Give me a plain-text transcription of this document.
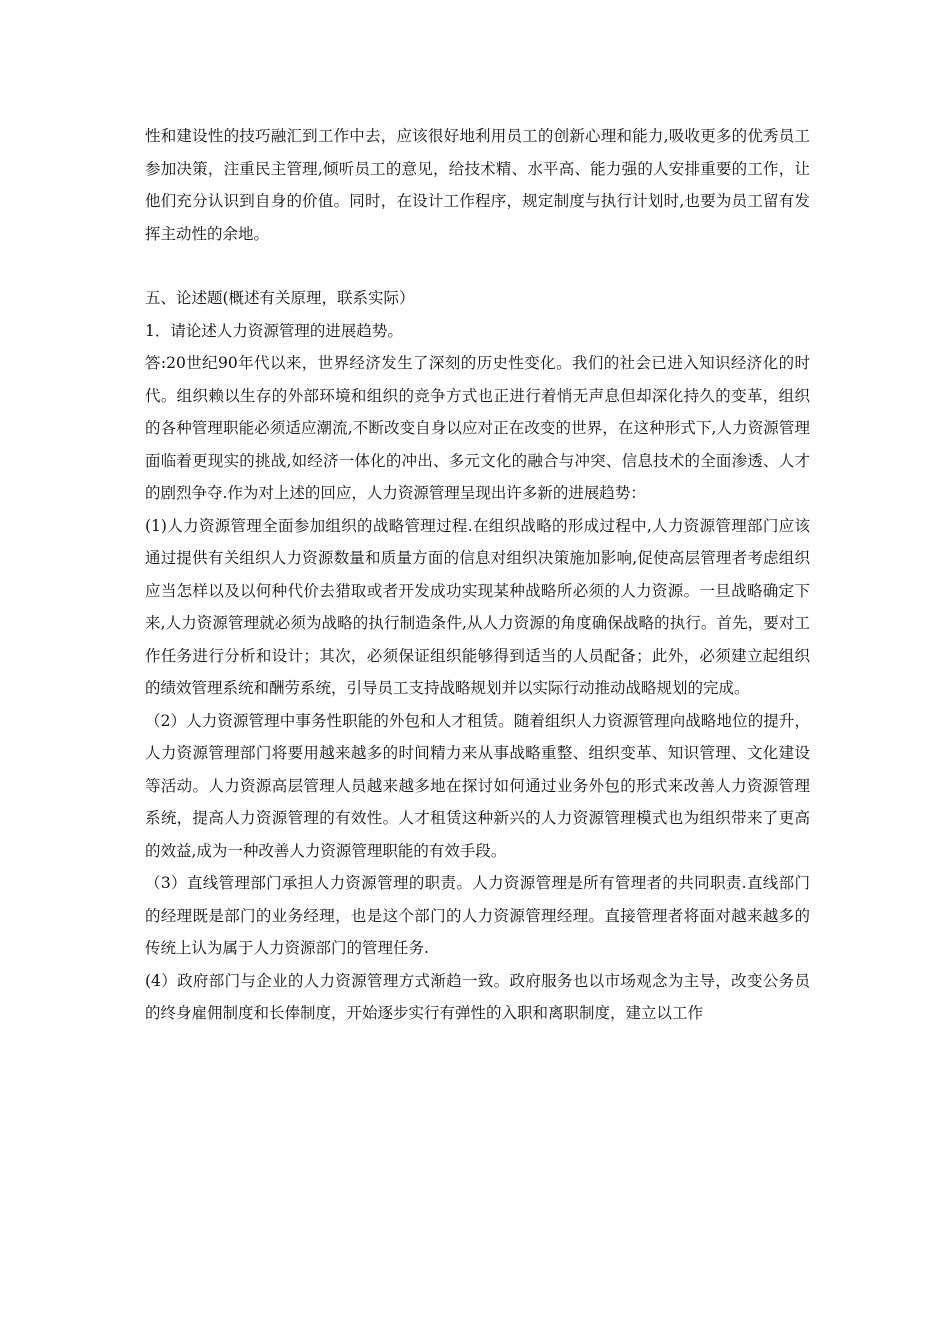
性和建设性的技巧融汇到工作中去，应该很好地利用员工的创新心理和能力,吸收更多的优秀员工参加决策，注重民主管理,倾听员工的意见，给技术精、水平高、能力强的人安排重要的工作，让他们充分认识到自身的价值。同时，在设计工作程序，规定制度与执行计划时,也要为员工留有发挥主动性的余地。

五、论述题(概述有关原理，联系实际）

1．请论述人力资源管理的进展趋势。

答:20世纪90年代以来，世界经济发生了深刻的历史性变化。我们的社会已进入知识经济化的时代。组织赖以生存的外部环境和组织的竞争方式也正进行着悄无声息但却深化持久的变革，组织的各种管理职能必须适应潮流,不断改变自身以应对正在改变的世界，在这种形式下,人力资源管理面临着更现实的挑战,如经济一体化的冲出、多元文化的融合与冲突、信息技术的全面渗透、人才的剧烈争夺.作为对上述的回应，人力资源管理呈现出许多新的进展趋势：

(1)人力资源管理全面参加组织的战略管理过程.在组织战略的形成过程中,人力资源管理部门应该通过提供有关组织人力资源数量和质量方面的信息对组织决策施加影响,促使高层管理者考虑组织应当怎样以及以何种代价去猎取或者开发成功实现某种战略所必须的人力资源。一旦战略确定下来,人力资源管理就必须为战略的执行制造条件,从人力资源的角度确保战略的执行。首先，要对工作任务进行分析和设计；其次，必须保证组织能够得到适当的人员配备；此外，必须建立起组织的绩效管理系统和酬劳系统，引导员工支持战略规划并以实际行动推动战略规划的完成。

（2）人力资源管理中事务性职能的外包和人才租赁。随着组织人力资源管理向战略地位的提升，人力资源管理部门将要用越来越多的时间精力来从事战略重整、组织变革、知识管理、文化建设等活动。人力资源高层管理人员越来越多地在探讨如何通过业务外包的形式来改善人力资源管理系统，提高人力资源管理的有效性。人才租赁这种新兴的人力资源管理模式也为组织带来了更高的效益,成为一种改善人力资源管理职能的有效手段。

（3）直线管理部门承担人力资源管理的职责。人力资源管理是所有管理者的共同职责.直线部门的经理既是部门的业务经理，也是这个部门的人力资源管理经理。直接管理者将面对越来越多的传统上认为属于人力资源部门的管理任务.

(4）政府部门与企业的人力资源管理方式渐趋一致。政府服务也以市场观念为主导，改变公务员的终身雇佣制度和长俸制度，开始逐步实行有弹性的入职和离职制度，建立以工作
